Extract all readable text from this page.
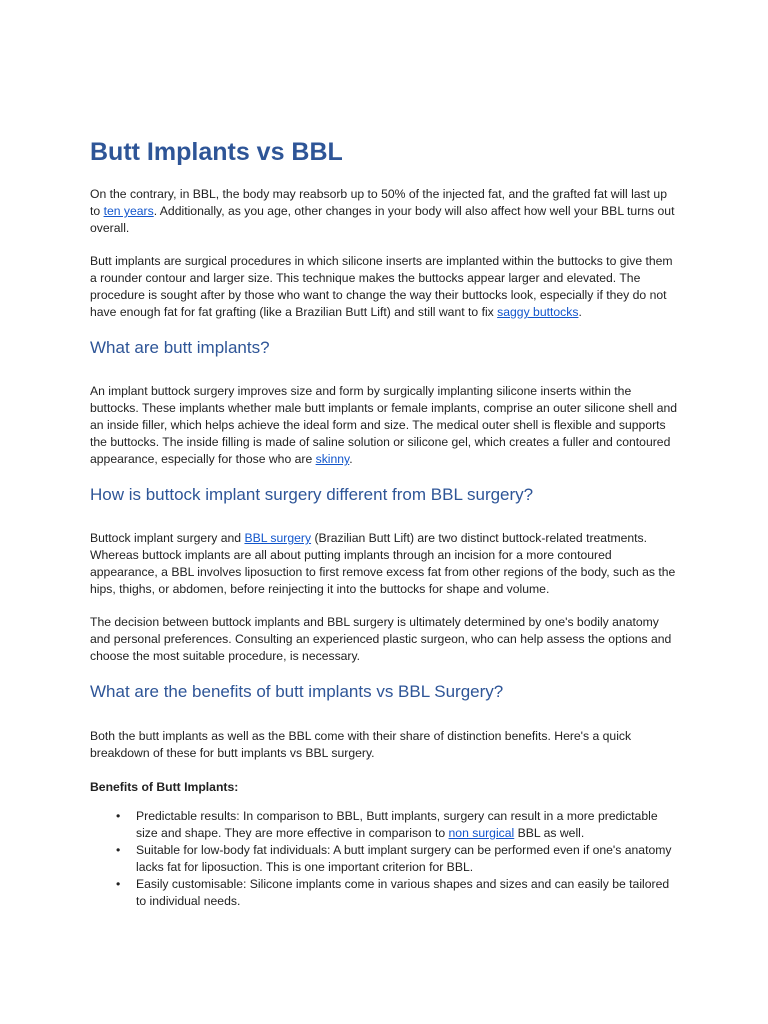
Butt Implants vs BBL

On the contrary, in BBL, the body may reabsorb up to 50% of the injected fat, and the grafted fat will last up to ten years. Additionally, as you age, other changes in your body will also affect how well your BBL turns out overall.

Butt implants are surgical procedures in which silicone inserts are implanted within the buttocks to give them a rounder contour and larger size. This technique makes the buttocks appear larger and elevated. The procedure is sought after by those who want to change the way their buttocks look, especially if they do not have enough fat for fat grafting (like a Brazilian Butt Lift) and still want to fix saggy buttocks.

What are butt implants?

An implant buttock surgery improves size and form by surgically implanting silicone inserts within the buttocks. These implants whether male butt implants or female implants, comprise an outer silicone shell and an inside filler, which helps achieve the ideal form and size. The medical outer shell is flexible and supports the buttocks. The inside filling is made of saline solution or silicone gel, which creates a fuller and contoured appearance, especially for those who are skinny.

How is buttock implant surgery different from BBL surgery?

Buttock implant surgery and BBL surgery (Brazilian Butt Lift) are two distinct buttock-related treatments. Whereas buttock implants are all about putting implants through an incision for a more contoured appearance, a BBL involves liposuction to first remove excess fat from other regions of the body, such as the hips, thighs, or abdomen, before reinjecting it into the buttocks for shape and volume.

The decision between buttock implants and BBL surgery is ultimately determined by one's bodily anatomy and personal preferences. Consulting an experienced plastic surgeon, who can help assess the options and choose the most suitable procedure, is necessary.

What are the benefits of butt implants vs BBL Surgery?

Both the butt implants as well as the BBL come with their share of distinction benefits. Here's a quick breakdown of these for butt implants vs BBL surgery.

Benefits of Butt Implants:

• Predictable results: In comparison to BBL, Butt implants, surgery can result in a more predictable size and shape. They are more effective in comparison to non surgical BBL as well.
• Suitable for low-body fat individuals: A butt implant surgery can be performed even if one's anatomy lacks fat for liposuction. This is one important criterion for BBL.
• Easily customisable: Silicone implants come in various shapes and sizes and can easily be tailored to individual needs.
